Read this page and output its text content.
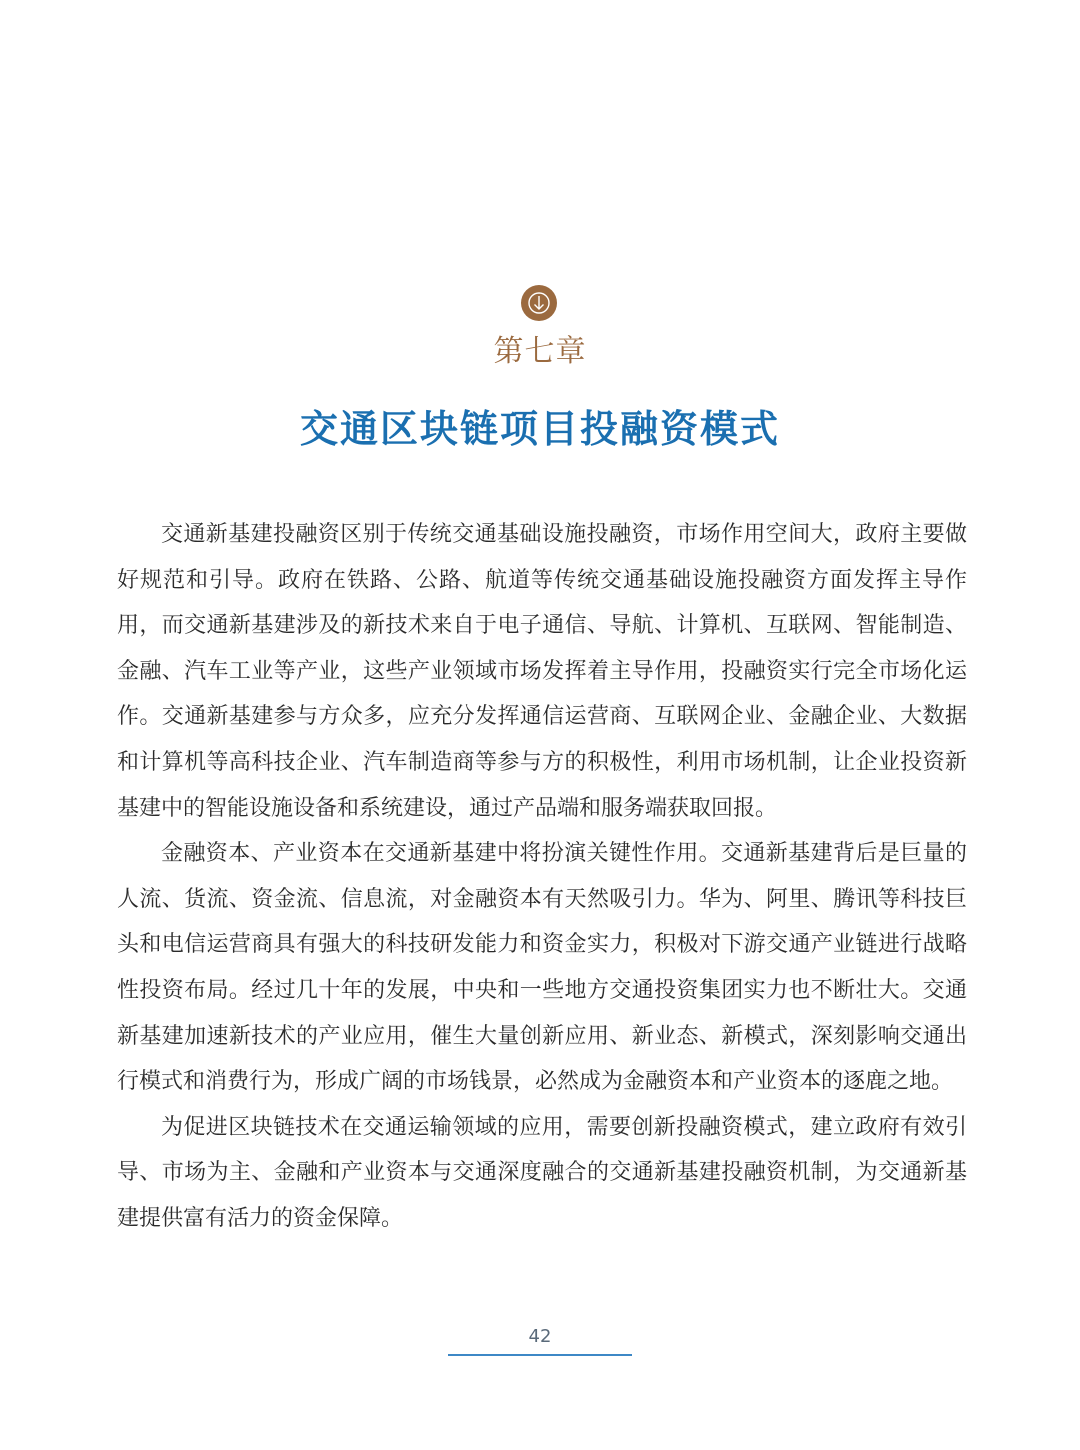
第七章
交通区块链项目投融资模式

交通新基建投融资区别于传统交通基础设施投融资，市场作用空间大，政府主要做好规范和引导。政府在铁路、公路、航道等传统交通基础设施投融资方面发挥主导作用，而交通新基建涉及的新技术来自于电子通信、导航、计算机、互联网、智能制造、金融、汽车工业等产业，这些产业领域市场发挥着主导作用，投融资实行完全市场化运作。交通新基建参与方众多，应充分发挥通信运营商、互联网企业、金融企业、大数据和计算机等高科技企业、汽车制造商等参与方的积极性，利用市场机制，让企业投资新基建中的智能设施设备和系统建设，通过产品端和服务端获取回报。

金融资本、产业资本在交通新基建中将扮演关键性作用。交通新基建背后是巨量的人流、货流、资金流、信息流，对金融资本有天然吸引力。华为、阿里、腾讯等科技巨头和电信运营商具有强大的科技研发能力和资金实力，积极对下游交通产业链进行战略性投资布局。经过几十年的发展，中央和一些地方交通投资集团实力也不断壮大。交通新基建加速新技术的产业应用，催生大量创新应用、新业态、新模式，深刻影响交通出行模式和消费行为，形成广阔的市场钱景，必然成为金融资本和产业资本的逐鹿之地。

为促进区块链技术在交通运输领域的应用，需要创新投融资模式，建立政府有效引导、市场为主、金融和产业资本与交通深度融合的交通新基建投融资机制，为交通新基建提供富有活力的资金保障。

42
